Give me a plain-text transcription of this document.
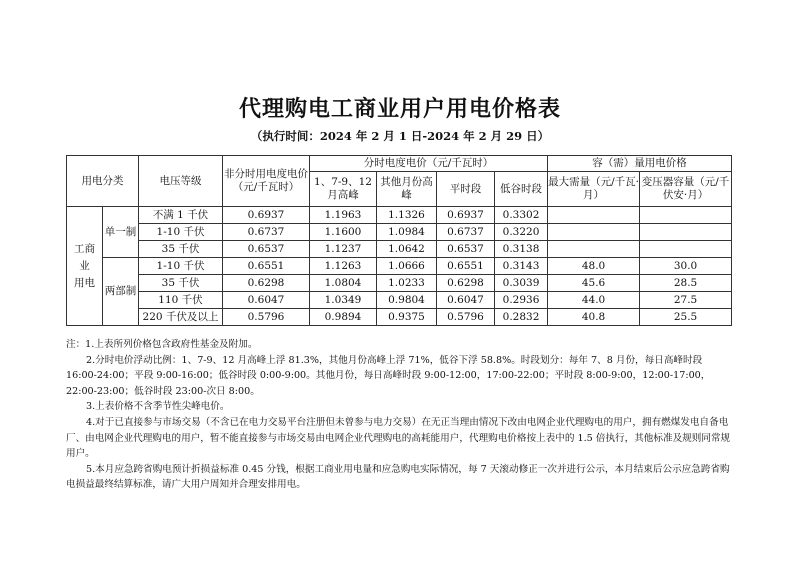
代理购电工商业用户用电价格表
（执行时间：2024 年 2 月 1 日-2024 年 2 月 29 日）
用电分类		电压等级	非分时用电度电价（元/千瓦时）	分时电度电价（元/千瓦时）				容（需）量用电价格	
				1、7-9、12 月高峰	其他月份高峰	平时段	低谷时段	最大需量（元/千瓦·月）	变压器容量（元/千伏安·月）
工商
业
用电	单一制	不满 1 千伏	0.6937	1.1963	1.1326	0.6937	0.3302		
		1-10 千伏	0.6737	1.1600	1.0984	0.6737	0.3220		
		35 千伏	0.6537	1.1237	1.0642	0.6537	0.3138		
	两部制	1-10 千伏	0.6551	1.1263	1.0666	0.6551	0.3143	48.0	30.0
		35 千伏	0.6298	1.0804	1.0233	0.6298	0.3039	45.6	28.5
		110 千伏	0.6047	1.0349	0.9804	0.6047	0.2936	44.0	27.5
		220 千伏及以上	0.5796	0.9894	0.9375	0.5796	0.2832	40.8	25.5

注：1.上表所列价格包含政府性基金及附加。

2.分时电价浮动比例：1、7-9、12 月高峰上浮 81.3%，其他月份高峰上浮 71%，低谷下浮 58.8%。时段划分：每年 7、8 月份，每日高峰时段 16:00-24:00；平段 9:00-16:00；低谷时段 0:00-9:00。其他月份，每日高峰时段 9:00-12:00，17:00-22:00；平时段 8:00-9:00，12:00-17:00，22:00-23:00；低谷时段 23:00-次日 8:00。

3.上表价格不含季节性尖峰电价。

4.对于已直接参与市场交易（不含已在电力交易平台注册但未曾参与电力交易）在无正当理由情况下改由电网企业代理购电的用户，拥有燃煤发电自备电厂、由电网企业代理购电的用户，暂不能直接参与市场交易由电网企业代理购电的高耗能用户，代理购电价格按上表中的 1.5 倍执行，其他标准及规则同常规用户。

5.本月应急跨省购电预计折损益标准 0.45 分钱，根据工商业用电量和应急购电实际情况，每 7 天滚动修正一次并进行公示，本月结束后公示应急跨省购电损益最终结算标准，请广大用户周知并合理安排用电。
